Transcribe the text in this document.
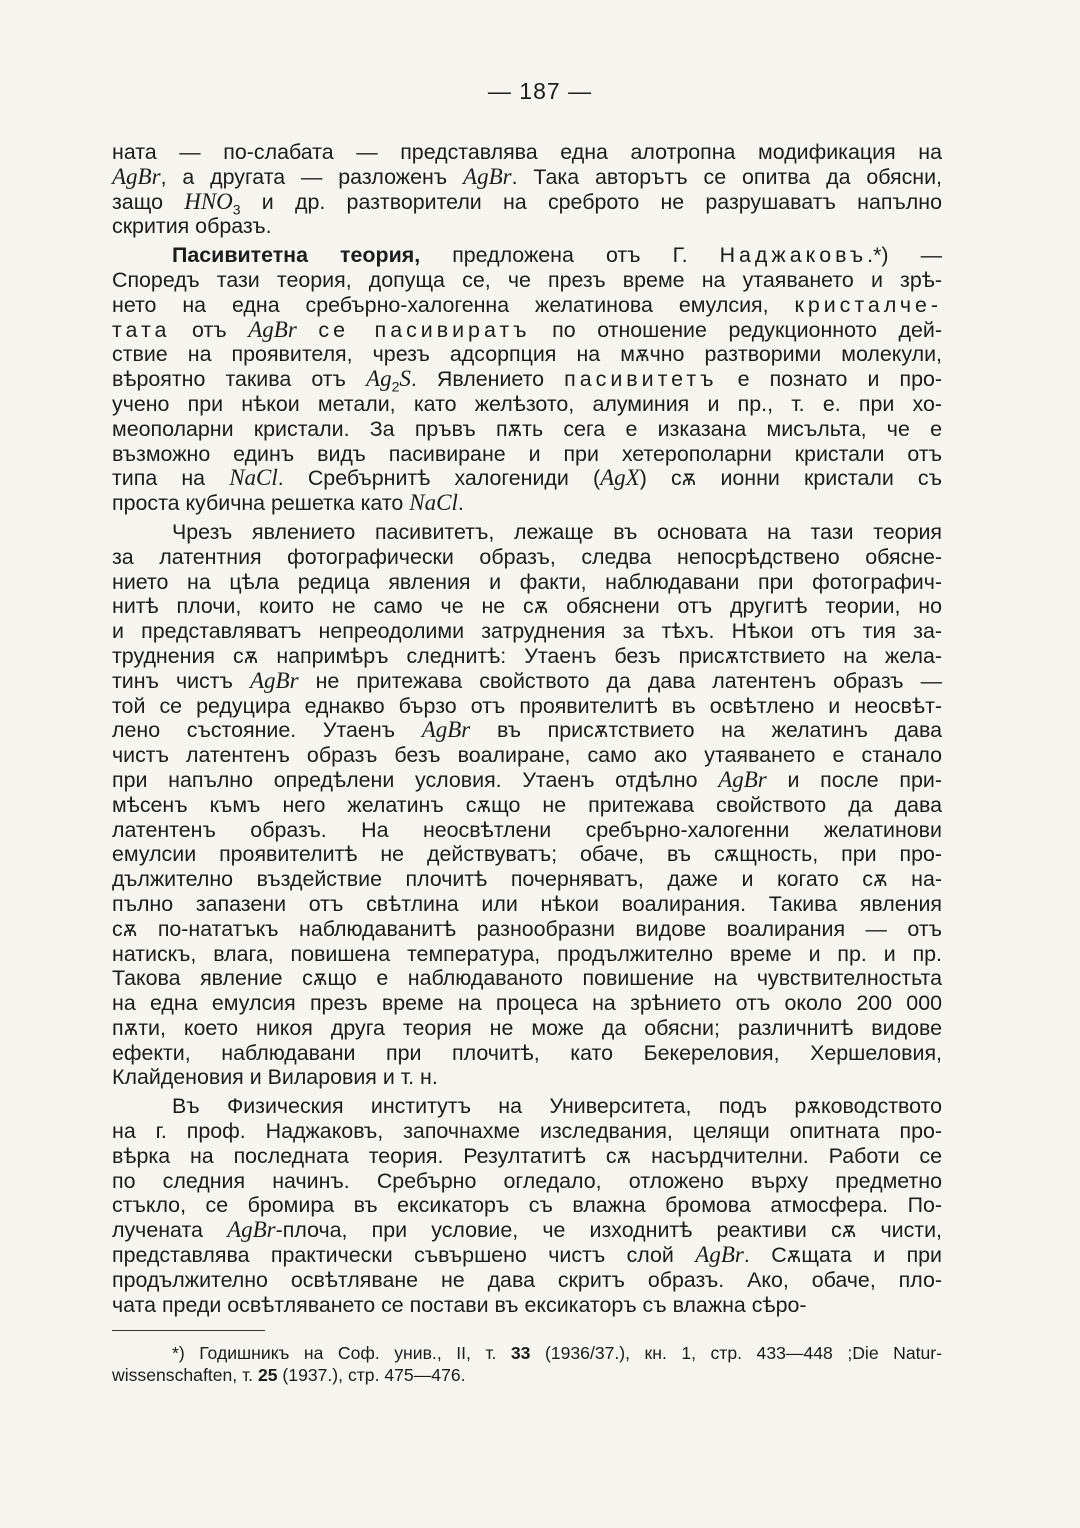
— 187 —
ната — по-слабата — представлява една алотропна модификация на
AgBr, а другата — разложенъ AgBr. Така авторътъ се опитва да обясни,
защо $HNO_3$ и др. разтворители на среброто не разрушаватъ напълно
скрития образъ.
Пасивитетна теория, предложена отъ Г. Наджаковъ.*) —
Споредъ тази теория, допуща се, че презъ време на утаяването и зрѣ-
нето на една сребърно-халогенна желатинова емулсия, кристалче-
тата отъ AgBr се пасивиратъ по отношение редукционното дей-
ствие на проявителя, чрезъ адсорпция на мѫчно разтворими молекули,
вѣроятно такива отъ $Ag_2S$. Явлението пасивитетъ е познато и про-
учено при нѣкои метали, като желѣзото, алуминия и пр., т. е. при хо-
меополарни кристали. За пръвъ пѫть сега е изказана мисъльта, че е
възможно единъ видъ пасивиране и при хетерополарни кристали отъ
типа на NaCl. Сребърнитѣ халогениди (AgX) сѫ ионни кристали съ
проста кубична решетка като NaCl.
Чрезъ явлението пасивитетъ, лежаще въ основата на тази теория
за латентния фотографически образъ, следва непосрѣдствено обясне-
нието на цѣла редица явления и факти, наблюдавани при фотографич-
нитѣ плочи, които не само че не сѫ обяснени отъ другитѣ теории, но
и представляватъ непреодолими затруднения за тѣхъ. Нѣкои отъ тия за-
труднения сѫ напримѣръ следнитѣ: Утаенъ безъ присѫтствието на жела-
тинъ чистъ AgBr не притежава свойството да дава латентенъ образъ —
той се редуцира еднакво бързо отъ проявителитѣ въ освѣтлено и неосвѣт-
лено състояние. Утаенъ AgBr въ присѫтствието на желатинъ дава
чистъ латентенъ образъ безъ воалиране, само ако утаяването е станало
при напълно опредѣлени условия. Утаенъ отдѣлно AgBr и после при-
мѣсенъ къмъ него желатинъ сѫщо не притежава свойството да дава
латентенъ образъ. На неосвѣтлени сребърно-халогенни желатинови
емулсии проявителитѣ не действуватъ; обаче, въ сѫщность, при про-
дължително въздействие плочитѣ почерняватъ, даже и когато сѫ на-
пълно запазени отъ свѣтлина или нѣкои воалирания. Такива явления
сѫ по-нататъкъ наблюдаванитѣ разнообразни видове воалирания — отъ
натискъ, влага, повишена температура, продължително време и пр. и пр.
Такова явление сѫщо е наблюдаваното повишение на чувствителностьта
на една емулсия презъ време на процеса на зрѣнието отъ около 200 000
пѫти, което никоя друга теория не може да обясни; различнитѣ видове
ефекти, наблюдавани при плочитѣ, като Бекереловия, Хершеловия,
Клайденовия и Виларовия и т. н.
Въ Физическия институтъ на Университета, подъ рѫководството
на г. проф. Наджаковъ, започнахме изследвания, целящи опитната про-
вѣрка на последната теория. Резултатитѣ сѫ насърдчителни. Работи се
по следния начинъ. Сребърно огледало, отложено върху предметно
стъкло, се бромира въ ексикаторъ съ влажна бромова атмосфера. По-
лучената AgBr-плоча, при условие, че изходнитѣ реактиви сѫ чисти,
представлява практически съвършено чистъ слой AgBr. Сѫщата и при
продължително освѣтляване не дава скритъ образъ. Ако, обаче, пло-
чата преди освѣтляването се постави въ ексикаторъ съ влажна сѣро-
*) Годишникъ на Соф. унив., II, т. 33 (1936/37.), кн. 1, стр. 433—448 ;Die Natur-
wissenschaften, т. 25 (1937.), стр. 475—476.
